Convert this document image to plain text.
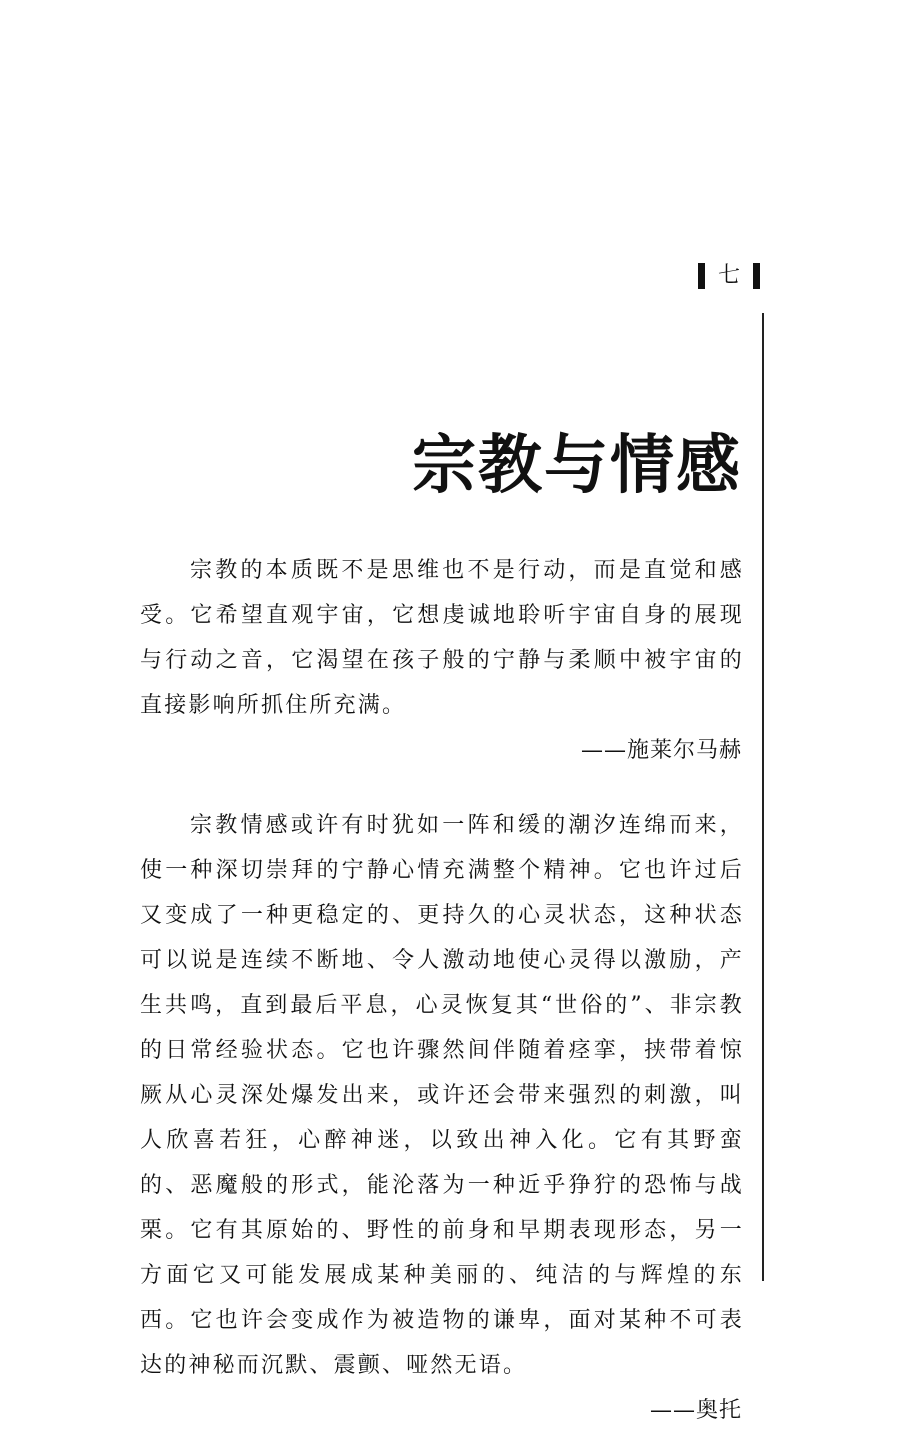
七
宗教与情感

宗教的本质既不是思维也不是行动，而是直觉和感受。它希望直观宇宙，它想虔诚地聆听宇宙自身的展现与行动之音，它渴望在孩子般的宁静与柔顺中被宇宙的直接影响所抓住所充满。

——施莱尔马赫

宗教情感或许有时犹如一阵和缓的潮汐连绵而来，使一种深切崇拜的宁静心情充满整个精神。它也许过后又变成了一种更稳定的、更持久的心灵状态，这种状态可以说是连续不断地、令人激动地使心灵得以激励，产生共鸣，直到最后平息，心灵恢复其“世俗的”、非宗教的日常经验状态。它也许骤然间伴随着痉挛，挟带着惊厥从心灵深处爆发出来，或许还会带来强烈的刺激，叫人欣喜若狂，心醉神迷，以致出神入化。它有其野蛮的、恶魔般的形式，能沦落为一种近乎狰狞的恐怖与战栗。它有其原始的、野性的前身和早期表现形态，另一方面它又可能发展成某种美丽的、纯洁的与辉煌的东西。它也许会变成作为被造物的谦卑，面对某种不可表达的神秘而沉默、震颤、哑然无语。

——奥托
